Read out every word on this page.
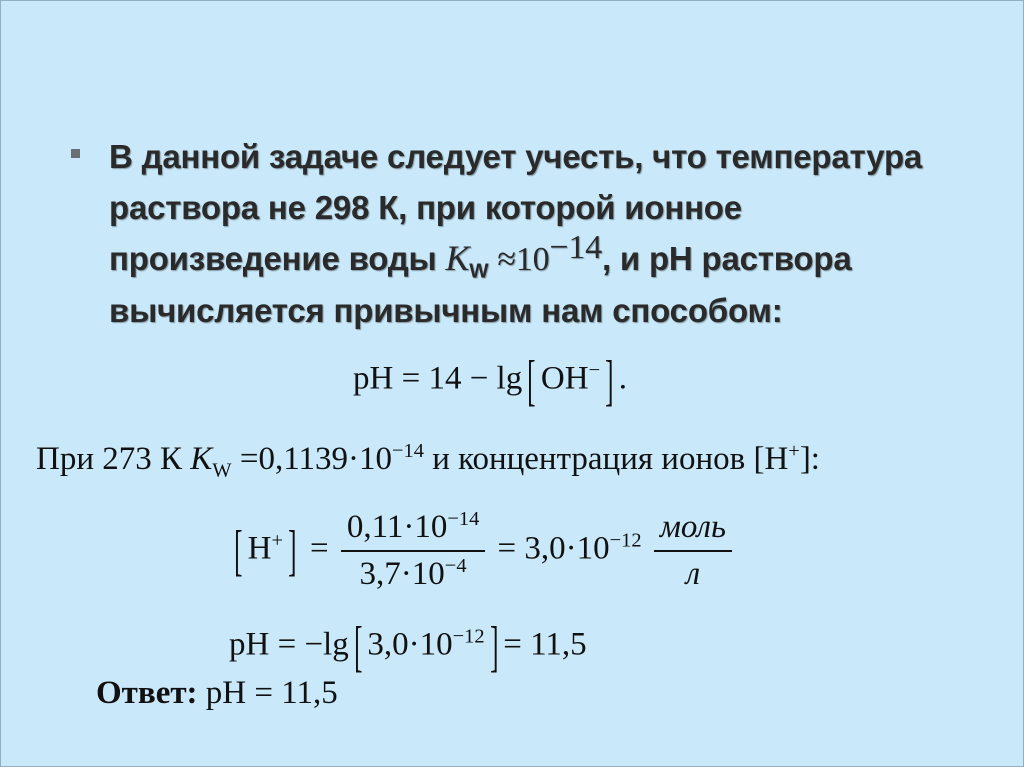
В данной задаче следует учесть, что температура
раствора не 298 К, при которой ионное
произведение воды $K_W \approx 10^{-14}$, и pH раствора
вычисляется привычным нам способом:
pH = 14 − lg[ OH−] .
При 273 К $K_W =0,1139\cdot 10^{-14}$ и концентрация ионов [H+]:
[ $H^+] = \frac{0,11\cdot 10^{-14}}{3,7\cdot 10^{-4}} = 3,0\cdot 10^{-12} \frac{\text{моль}}{л}$
pH = −lg[ $3,0\cdot 10^{-12}] = 11,5$
Ответ: pH = 11,5
